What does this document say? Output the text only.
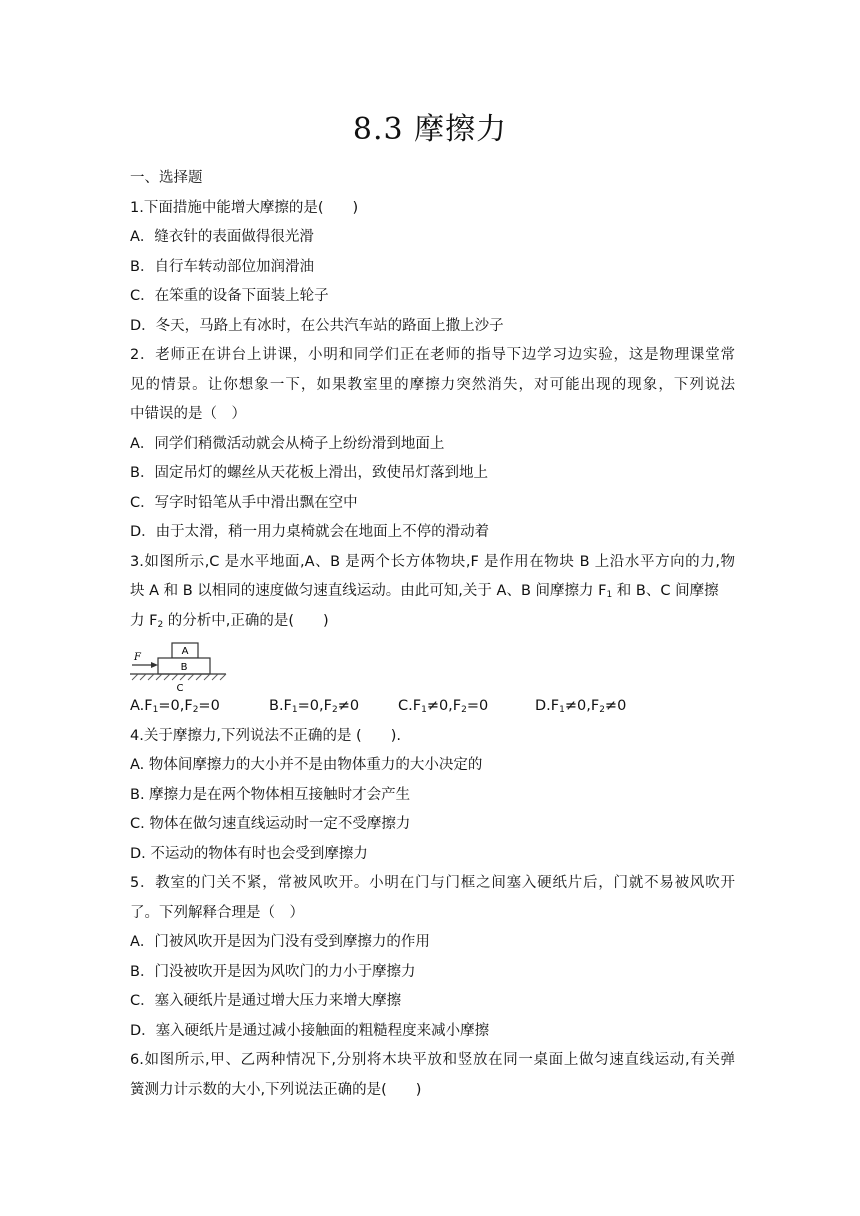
8.3 摩擦力
一、选择题
1.下面措施中能增大摩擦的是(　　)
A．缝衣针的表面做得很光滑
B．自行车转动部位加润滑油
C．在笨重的设备下面装上轮子
D．冬天，马路上有冰时，在公共汽车站的路面上撒上沙子
2．老师正在讲台上讲课，小明和同学们正在老师的指导下边学习边实验，这是物理课堂常
见的情景。让你想象一下，如果教室里的摩擦力突然消失，对可能出现的现象，下列说法
中错误的是（　）
A．同学们稍微活动就会从椅子上纷纷滑到地面上
B．固定吊灯的螺丝从天花板上滑出，致使吊灯落到地上
C．写字时铅笔从手中滑出飘在空中
D．由于太滑，稍一用力桌椅就会在地面上不停的滑动着
3.如图所示,C 是水平地面,A、B 是两个长方体物块,F 是作用在物块 B 上沿水平方向的力,物
块 A 和 B 以相同的速度做匀速直线运动。由此可知,关于 A、B 间摩擦力 $F_1$ 和 B、C 间摩擦
力 $F_2$ 的分析中,正确的是(　　)
A
B
F
C
$A.F_1=0,F_2=0$	$B.F_1=0,F_2\ne 0$	$C.F_1\ne 0,F_2=0$	$D.F_1\ne 0,F_2\ne 0$
4.关于摩擦力,下列说法不正确的是 (　　).
A. 物体间摩擦力的大小并不是由物体重力的大小决定的
B. 摩擦力是在两个物体相互接触时才会产生
C. 物体在做匀速直线运动时一定不受摩擦力
D. 不运动的物体有时也会受到摩擦力
5．教室的门关不紧，常被风吹开。小明在门与门框之间塞入硬纸片后，门就不易被风吹开
了。下列解释合理是（　）
A．门被风吹开是因为门没有受到摩擦力的作用
B．门没被吹开是因为风吹门的力小于摩擦力
C．塞入硬纸片是通过增大压力来增大摩擦
D．塞入硬纸片是通过减小接触面的粗糙程度来减小摩擦
6.如图所示,甲、乙两种情况下,分别将木块平放和竖放在同一桌面上做匀速直线运动,有关弹
簧测力计示数的大小,下列说法正确的是(　　)
